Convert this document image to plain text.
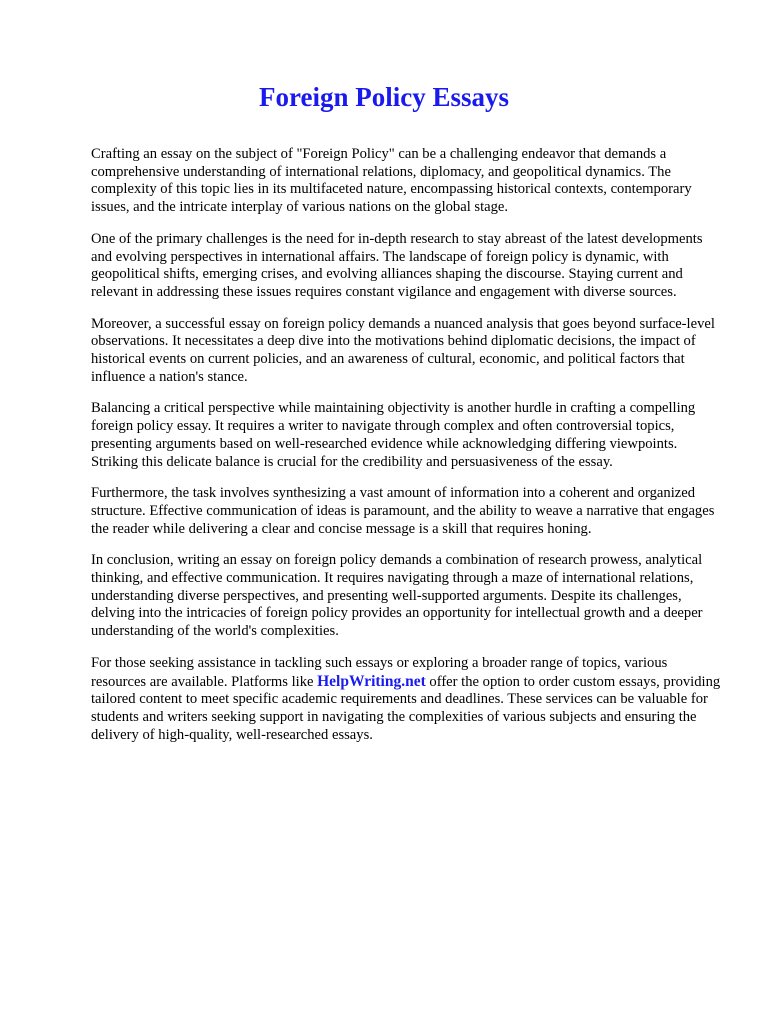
Foreign Policy Essays

Crafting an essay on the subject of "Foreign Policy" can be a challenging endeavor that demands a comprehensive understanding of international relations, diplomacy, and geopolitical dynamics. The complexity of this topic lies in its multifaceted nature, encompassing historical contexts, contemporary issues, and the intricate interplay of various nations on the global stage.

One of the primary challenges is the need for in-depth research to stay abreast of the latest developments and evolving perspectives in international affairs. The landscape of foreign policy is dynamic, with geopolitical shifts, emerging crises, and evolving alliances shaping the discourse. Staying current and relevant in addressing these issues requires constant vigilance and engagement with diverse sources.

Moreover, a successful essay on foreign policy demands a nuanced analysis that goes beyond surface-level observations. It necessitates a deep dive into the motivations behind diplomatic decisions, the impact of historical events on current policies, and an awareness of cultural, economic, and political factors that influence a nation's stance.

Balancing a critical perspective while maintaining objectivity is another hurdle in crafting a compelling foreign policy essay. It requires a writer to navigate through complex and often controversial topics, presenting arguments based on well-researched evidence while acknowledging differing viewpoints. Striking this delicate balance is crucial for the credibility and persuasiveness of the essay.

Furthermore, the task involves synthesizing a vast amount of information into a coherent and organized structure. Effective communication of ideas is paramount, and the ability to weave a narrative that engages the reader while delivering a clear and concise message is a skill that requires honing.

In conclusion, writing an essay on foreign policy demands a combination of research prowess, analytical thinking, and effective communication. It requires navigating through a maze of international relations, understanding diverse perspectives, and presenting well-supported arguments. Despite its challenges, delving into the intricacies of foreign policy provides an opportunity for intellectual growth and a deeper understanding of the world's complexities.

For those seeking assistance in tackling such essays or exploring a broader range of topics, various resources are available. Platforms like HelpWriting.net offer the option to order custom essays, providing tailored content to meet specific academic requirements and deadlines. These services can be valuable for students and writers seeking support in navigating the complexities of various subjects and ensuring the delivery of high-quality, well-researched essays.
